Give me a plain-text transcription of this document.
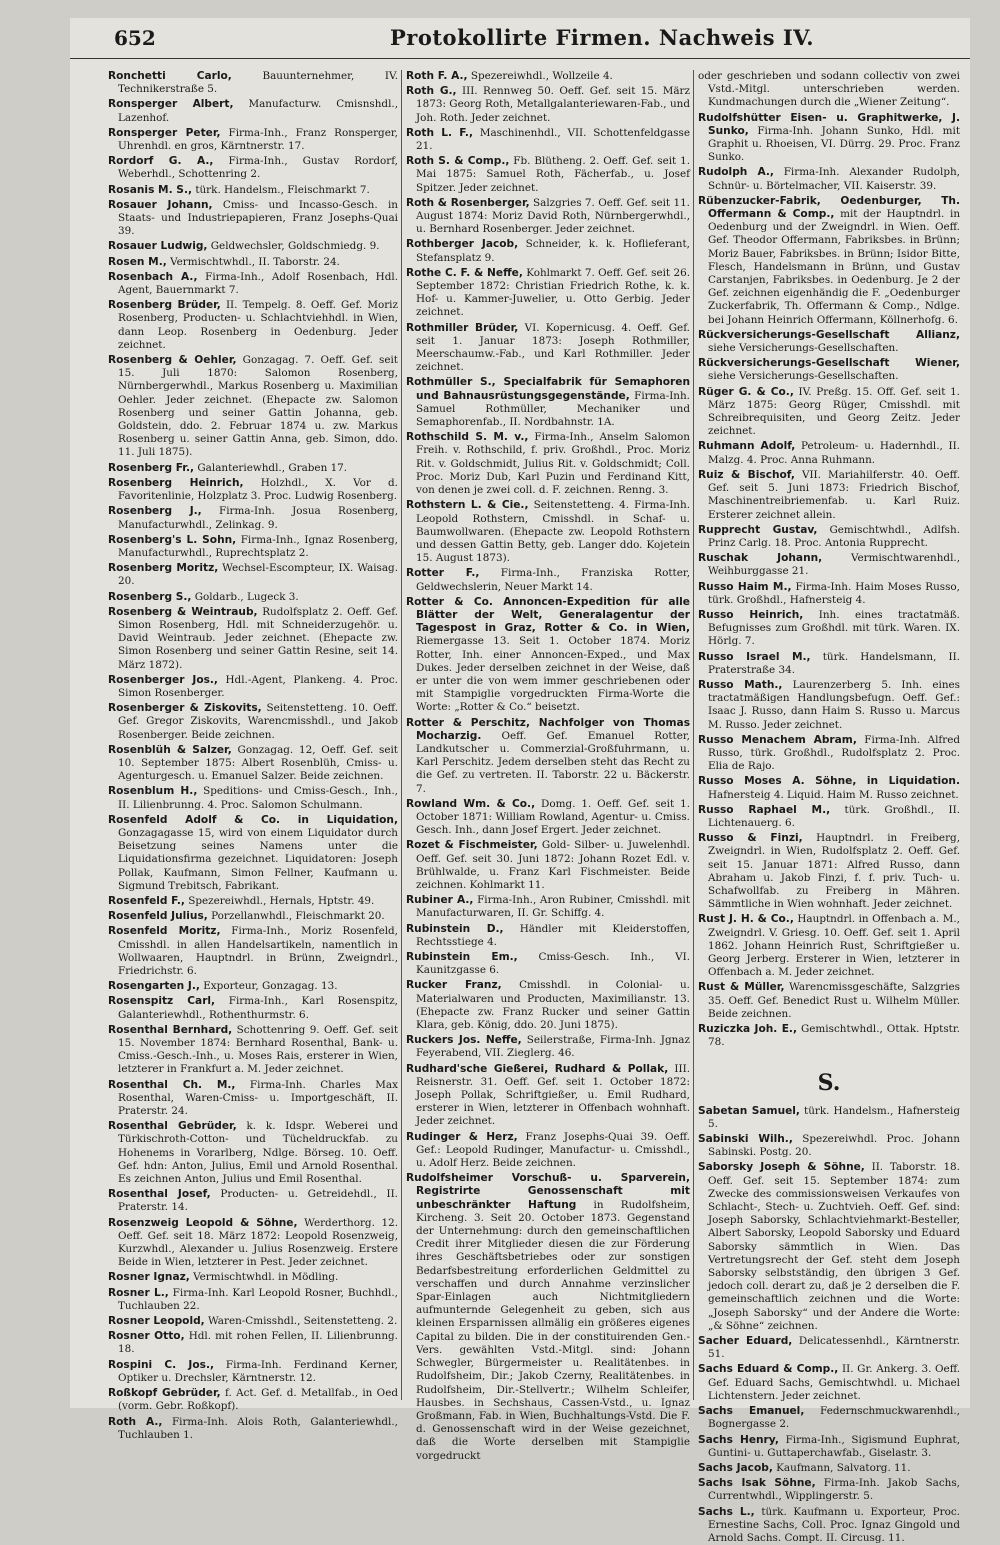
652	Protokollirte Firmen. Nachweis IV.

Ronchetti Carlo,	Bauunternehmer, IV. Technikerstraße 5.

Ronsperger Albert, Manufacturw. Cmisnshdl., Lazenhof.

Ronsperger Peter, Firma-Inh., Franz Ronsperger, Uhrenhdl. en gros, Kärntnerstr. 17.

Rordorf G. A., Firma-Inh., Gustav Rordorf, Weberhdl., Schottenring 2.

Rosanis M. S., türk. Handelsm., Fleischmarkt 7.

Rosauer Johann, Cmiss- und Incasso-Gesch. in Staats- und Industriepapieren, Franz Josephs-Quai 39.

Rosauer Ludwig, Geldwechsler, Goldschmiedg. 9.

Rosen M., Vermischtwhdl., II. Taborstr. 24.

Rosenbach A., Firma-Inh., Adolf Rosenbach, Hdl. Agent, Bauernmarkt 7.

Rosenberg Brüder, II. Tempelg. 8. Oeff. Gef. Moriz Rosenberg, Producten- u. Schlachtviehhdl. in Wien, dann Leop. Rosenberg in Oedenburg. Jeder zeichnet.

Rosenberg & Oehler, Gonzagag. 7. Oeff. Gef. seit 15. Juli 1870: Salomon Rosenberg, Nürnbergerwhdl., Markus Rosenberg u. Maximilian Oehler. Jeder zeichnet. (Ehepacte zw. Salomon Rosenberg und seiner Gattin Johanna, geb. Goldstein, ddo. 2. Februar 1874 u. zw. Markus Rosenberg u. seiner Gattin Anna, geb. Simon, ddo. 11. Juli 1875).

Rosenberg Fr., Galanteriewhdl., Graben 17.

Rosenberg Heinrich, Holzhdl., X. Vor d. Favoritenlinie, Holzplatz 3. Proc. Ludwig Rosenberg.

Rosenberg J., Firma-Inh. Josua Rosenberg, Manufacturwhdl., Zelinkag. 9.

Rosenberg's L. Sohn, Firma-Inh., Ignaz Rosenberg, Manufacturwhdl., Ruprechtsplatz 2.

Rosenberg Moritz, Wechsel-Escompteur, IX. Waisag. 20.

Rosenberg S., Goldarb., Lugeck 3.

Rosenberg & Weintraub, Rudolfsplatz 2. Oeff. Gef. Simon Rosenberg, Hdl. mit Schneiderzugehör. u. David Weintraub. Jeder zeichnet. (Ehepacte zw. Simon Rosenberg und seiner Gattin Resine, seit 14. März 1872).

Rosenberger Jos., Hdl.-Agent, Plankeng. 4. Proc. Simon Rosenberger.

Rosenberger & Ziskovits, Seitenstetteng. 10. Oeff. Gef. Gregor Ziskovits, Warencmisshdl., und Jakob Rosenberger. Beide zeichnen.

Rosenblüh & Salzer, Gonzagag. 12, Oeff. Gef. seit 10. September 1875: Albert Rosenblüh, Cmiss- u. Agenturgesch. u. Emanuel Salzer. Beide zeichnen.

Rosenblum H., Speditions- und Cmiss-Gesch., Inh., II. Lilienbrunng. 4. Proc. Salomon Schulmann.

Rosenfeld Adolf & Co. in Liquidation, Gonzagagasse 15, wird von einem Liquidator durch Beisetzung seines Namens unter die Liquidationsfirma gezeichnet. Liquidatoren: Joseph Pollak, Kaufmann, Simon Fellner, Kaufmann u. Sigmund Trebitsch, Fabrikant.

Rosenfeld F., Spezereiwhdl., Hernals, Hptstr. 49.

Rosenfeld Julius, Porzellanwhdl., Fleischmarkt 20.

Rosenfeld Moritz, Firma-Inh., Moriz Rosenfeld, Cmisshdl. in allen Handelsartikeln, namentlich in Wollwaaren, Hauptndrl. in Brünn, Zweigndrl., Friedrichstr. 6.

Rosengarten J., Exporteur, Gonzagag. 13.

Rosenspitz Carl, Firma-Inh., Karl Rosenspitz, Galanteriewhdl., Rothenthurmstr. 6.

Rosenthal Bernhard, Schottenring 9. Oeff. Gef. seit 15. November 1874: Bernhard Rosenthal, Bank- u. Cmiss.-Gesch.-Inh., u. Moses Rais, ersterer in Wien, letzterer in Frankfurt a. M. Jeder zeichnet.

Rosenthal Ch. M., Firma-Inh. Charles Max Rosenthal, Waren-Cmiss- u. Importgeschäft, II. Praterstr. 24.

Rosenthal Gebrüder, k. k. Idspr. Weberei und Türkischroth-Cotton- und Tücheldruckfab. zu Hohenems in Vorarlberg, Ndlge. Börseg. 10. Oeff. Gef. hdn: Anton, Julius, Emil und Arnold Rosenthal. Es zeichnen Anton, Julius und Emil Rosenthal.

Rosenthal Josef, Producten- u. Getreidehdl., II. Praterstr. 14.

Rosenzweig Leopold & Söhne, Werderthorg. 12. Oeff. Gef. seit 18. März 1872: Leopold Rosenzweig, Kurzwhdl., Alexander u. Julius Rosenzweig. Erstere Beide in Wien, letzterer in Pest. Jeder zeichnet.

Rosner Ignaz, Vermischtwhdl. in Mödling.

Rosner L., Firma-Inh. Karl Leopold Rosner, Buchhdl., Tuchlauben 22.

Rosner Leopold, Waren-Cmisshdl., Seitenstetteng. 2.

Rosner Otto, Hdl. mit rohen Fellen, II. Lilienbrunng. 18.

Rospini C. Jos., Firma-Inh. Ferdinand Kerner, Optiker u. Drechsler, Kärntnerstr. 12.

Roßkopf Gebrüder, f. Act. Gef. d. Metallfab., in Oed (vorm. Gebr. Roßkopf).

Roth A., Firma-Inh. Alois Roth, Galanteriewhdl., Tuchlauben 1.

Roth F. A., Spezereiwhdl., Wollzeile 4.

Roth G., III. Rennweg 50. Oeff. Gef. seit 15. März 1873: Georg Roth, Metallgalanteriewaren-Fab., und Joh. Roth. Jeder zeichnet.

Roth L. F., Maschinenhdl., VII. Schottenfeldgasse 21.

Roth S. & Comp., Fb. Blütheng. 2. Oeff. Gef. seit 1. Mai 1875: Samuel Roth, Fächerfab., u. Josef Spitzer. Jeder zeichnet.

Roth & Rosenberger, Salzgries 7. Oeff. Gef. seit 11. August 1874: Moriz David Roth, Nürnbergerwhdl., u. Bernhard Rosenberger. Jeder zeichnet.

Rothberger Jacob, Schneider, k. k. Hoflieferant, Stefansplatz 9.

Rothe C. F. & Neffe, Kohlmarkt 7. Oeff. Gef. seit 26. September 1872: Christian Friedrich Rothe, k. k. Hof- u. Kammer-Juwelier, u. Otto Gerbig. Jeder zeichnet.

Rothmiller Brüder, VI. Kopernicusg. 4. Oeff. Gef. seit 1. Januar 1873: Joseph Rothmiller, Meerschaumw.-Fab., und Karl Rothmiller. Jeder zeichnet.

Rothmüller S., Specialfabrik für Semaphoren und Bahnausrüstungsgegenstände, Firma-Inh. Samuel Rothmüller, Mechaniker und Semaphorenfab., II. Nordbahnstr. 1A.

Rothschild S. M. v., Firma-Inh., Anselm Salomon Freih. v. Rothschild, f. priv. Großhdl., Proc. Moriz Rit. v. Goldschmidt, Julius Rit. v. Goldschmidt; Coll. Proc. Moriz Dub, Karl Puzin und Ferdinand Kitt, von denen je zwei coll. d. F. zeichnen. Renng. 3.

Rothstern L. & Cie., Seitenstetteng. 4. Firma-Inh. Leopold Rothstern, Cmisshdl. in Schaf- u. Baumwollwaren. (Ehepacte zw. Leopold Rothstern und dessen Gattin Betty, geb. Langer ddo. Kojetein 15. August 1873).

Rotter F., Firma-Inh., Franziska Rotter, Geldwechslerin, Neuer Markt 14.

Rotter & Co. Annoncen-Expedition für alle Blätter der Welt, Generalagentur der Tagespost in Graz, Rotter & Co. in Wien, Riemergasse 13. Seit 1. October 1874. Moriz Rotter, Inh. einer Annoncen-Exped., und Max Dukes. Jeder derselben zeichnet in der Weise, daß er unter die von wem immer geschriebenen oder mit Stampiglie vorgedruckten Firma-Worte die Worte: „Rotter & Co.“ beisetzt.

Rotter & Perschitz, Nachfolger von Thomas Mocharzig. Oeff. Gef. Emanuel Rotter, Landkutscher u. Commerzial-Großfuhrmann, u. Karl Perschitz. Jedem derselben steht das Recht zu die Gef. zu vertreten. II. Taborstr. 22 u. Bäckerstr. 7.

Rowland Wm. & Co., Domg. 1. Oeff. Gef. seit 1. October 1871: William Rowland, Agentur- u. Cmiss. Gesch. Inh., dann Josef Ergert. Jeder zeichnet.

Rozet & Fischmeister, Gold- Silber- u. Juwelenhdl. Oeff. Gef. seit 30. Juni 1872: Johann Rozet Edl. v. Brühlwalde, u. Franz Karl Fischmeister. Beide zeichnen. Kohlmarkt 11.

Rubiner A., Firma-Inh., Aron Rubiner, Cmisshdl. mit Manufacturwaren, II. Gr. Schiffg. 4.

Rubinstein D., Händler mit Kleiderstoffen, Rechtsstiege 4.

Rubinstein Em., Cmiss-Gesch. Inh., VI. Kaunitzgasse 6.

Rucker Franz, Cmisshdl. in Colonial- u. Materialwaren und Producten, Maximilianstr. 13. (Ehepacte zw. Franz Rucker und seiner Gattin Klara, geb. König, ddo. 20. Juni 1875).

Ruckers Jos. Neffe, Seilerstraße, Firma-Inh. Jgnaz Feyerabend, VII. Zieglerg. 46.

Rudhard'sche Gießerei, Rudhard & Pollak, III. Reisnerstr. 31. Oeff. Gef. seit 1. October 1872: Joseph Pollak, Schriftgießer, u. Emil Rudhard, ersterer in Wien, letzterer in Offenbach wohnhaft. Jeder zeichnet.

Rudinger & Herz, Franz Josephs-Quai 39. Oeff. Gef.: Leopold Rudinger, Manufactur- u. Cmisshdl., u. Adolf Herz. Beide zeichnen.

Rudolfsheimer Vorschuß- u. Sparverein, Registrirte Genossenschaft mit unbeschränkter Haftung in Rudolfsheim, Kircheng. 3. Seit 20. October 1873. Gegenstand der Unternehmung: durch den gemeinschaftlichen Credit ihrer Mitglieder diesen die zur Förderung ihres Geschäftsbetriebes oder zur sonstigen Bedarfsbestreitung erforderlichen Geldmittel zu verschaffen und durch Annahme verzinslicher Spar-Einlagen auch Nichtmitgliedern aufmunternde Gelegenheit zu geben, sich aus kleinen Ersparnissen allmälig ein größeres eigenes Capital zu bilden. Die in der constituirenden Gen.-Vers. gewählten Vstd.-Mitgl. sind: Johann Schwegler, Bürgermeister u. Realitätenbes. in Rudolfsheim, Dir.; Jakob Czerny, Realitätenbes. in Rudolfsheim, Dir.-Stellvertr.; Wilhelm Schleifer, Hausbes. in Sechshaus, Cassen-Vstd., u. Ignaz Großmann, Fab. in Wien, Buchhaltungs-Vstd. Die F. d. Genossenschaft wird in der Weise gezeichnet, daß die Worte derselben mit Stampiglie vorgedruckt

oder geschrieben und sodann collectiv von zwei Vstd.-Mitgl. unterschrieben werden. Kundmachungen durch die „Wiener Zeitung“.

Rudolfshütter Eisen- u. Graphitwerke, J. Sunko, Firma-Inh. Johann Sunko, Hdl. mit Graphit u. Rhoeisen, VI. Dürrg. 29. Proc. Franz Sunko.

Rudolph A., Firma-Inh. Alexander Rudolph, Schnür- u. Börtelmacher, VII. Kaiserstr. 39.

Rübenzucker-Fabrik, Oedenburger, Th. Offermann & Comp., mit der Hauptndrl. in Oedenburg und der Zweigndrl. in Wien. Oeff. Gef. Theodor Offermann, Fabriksbes. in Brünn; Moriz Bauer, Fabriksbes. in Brünn; Isidor Bitte, Flesch, Handelsmann in Brünn, und Gustav Carstanjen, Fabriksbes. in Oedenburg. Je 2 der Gef. zeichnen eigenhändig die F. „Oedenburger Zuckerfabrik, Th. Offermann & Comp., Ndlge. bei Johann Heinrich Offermann, Köllnerhofg. 6.

Rückversicherungs-Gesellschaft Allianz, siehe Versicherungs-Gesellschaften.

Rückversicherungs-Gesellschaft Wiener, siehe Versicherungs-Gesellschaften.

Rüger G. & Co., IV. Preßg. 15. Off. Gef. seit 1. März 1875: Georg Rüger, Cmisshdl. mit Schreibrequisiten, und Georg Zeitz. Jeder zeichnet.

Ruhmann Adolf, Petroleum- u. Hadernhdl., II. Malzg. 4. Proc. Anna Ruhmann.

Ruiz & Bischof, VII. Mariahilferstr. 40. Oeff. Gef. seit 5. Juni 1873: Friedrich Bischof, Maschinentreibriemenfab. u. Karl Ruiz. Ersterer zeichnet allein.

Rupprecht Gustav, Gemischtwhdl., Adlfsh. Prinz Carlg. 18. Proc. Antonia Rupprecht.

Ruschak Johann,	Vermischtwarenhdl., Weihburggasse 21.

Russo Haim M., Firma-Inh. Haim Moses Russo, türk. Großhdl., Hafnersteig 4.

Russo Heinrich, Inh. eines tractatmäß. Befugnisses zum Großhdl. mit türk. Waren. IX. Hörlg. 7.

Russo Israel M., türk. Handelsmann, II. Praterstraße 34.

Russo Math., Laurenzerberg 5. Inh. eines tractatmäßigen Handlungsbefugn. Oeff. Gef.: Isaac J. Russo, dann Haim S. Russo u. Marcus M. Russo. Jeder zeichnet.

Russo Menachem Abram, Firma-Inh. Alfred Russo, türk. Großhdl., Rudolfsplatz 2. Proc. Elia de Rajo.

Russo Moses A. Söhne, in Liquidation. Hafnersteig 4. Liquid. Haim M. Russo zeichnet.

Russo Raphael M., türk. Großhdl., II. Lichtenauerg. 6.

Russo & Finzi, Hauptndrl. in Freiberg, Zweigndrl. in Wien, Rudolfsplatz 2. Oeff. Gef. seit 15. Januar 1871: Alfred Russo, dann Abraham u. Jakob Finzi, f. f. priv. Tuch- u. Schafwollfab. zu Freiberg in Mähren. Sämmtliche in Wien wohnhaft. Jeder zeichnet.

Rust J. H. & Co., Hauptndrl. in Offenbach a. M., Zweigndrl. V. Griesg. 10. Oeff. Gef. seit 1. April 1862. Johann Heinrich Rust, Schriftgießer u. Georg Jerberg. Ersterer in Wien, letzterer in Offenbach a. M. Jeder zeichnet.

Rust & Müller, Warencmissgeschäfte, Salzgries 35. Oeff. Gef. Benedict Rust u. Wilhelm Müller. Beide zeichnen.

Ruziczka Joh. E., Gemischtwhdl., Ottak. Hptstr. 78.

S.

Sabetan Samuel, türk. Handelsm., Hafnersteig 5.

Sabinski Wilh., Spezereiwhdl. Proc. Johann Sabinski. Postg. 20.

Saborsky Joseph & Söhne, II. Taborstr. 18. Oeff. Gef. seit 15. September 1874: zum Zwecke des commissionsweisen Verkaufes von Schlacht-, Stech- u. Zuchtvieh. Oeff. Gef. sind: Joseph Saborsky, Schlachtviehmarkt-Besteller, Albert Saborsky, Leopold Saborsky und Eduard Saborsky sämmtlich in Wien. Das Vertretungsrecht der Gef. steht dem Joseph Saborsky selbstständig, den übrigen 3 Gef. jedoch coll. derart zu, daß je 2 derselben die F. gemeinschaftlich zeichnen und die Worte: „Joseph Saborsky“ und der Andere die Worte: „& Söhne“ zeichnen.

Sacher Eduard, Delicatessenhdl., Kärntnerstr. 51.

Sachs Eduard & Comp., II. Gr. Ankerg. 3. Oeff. Gef. Eduard Sachs, Gemischtwhdl. u. Michael Lichtenstern. Jeder zeichnet.

Sachs Emanuel, Federnschmuckwarenhdl., Bognergasse 2.

Sachs Henry, Firma-Inh., Sigismund Euphrat, Guntini- u. Guttaperchawfab., Giselastr. 3.

Sachs Jacob, Kaufmann, Salvatorg. 11.

Sachs Isak Söhne, Firma-Inh. Jakob Sachs, Currentwhdl., Wipplingerstr. 5.

Sachs L., türk. Kaufmann u. Exporteur, Proc. Ernestine Sachs, Coll. Proc. Ignaz Gingold und Arnold Sachs. Compt. II. Circusg. 11.
